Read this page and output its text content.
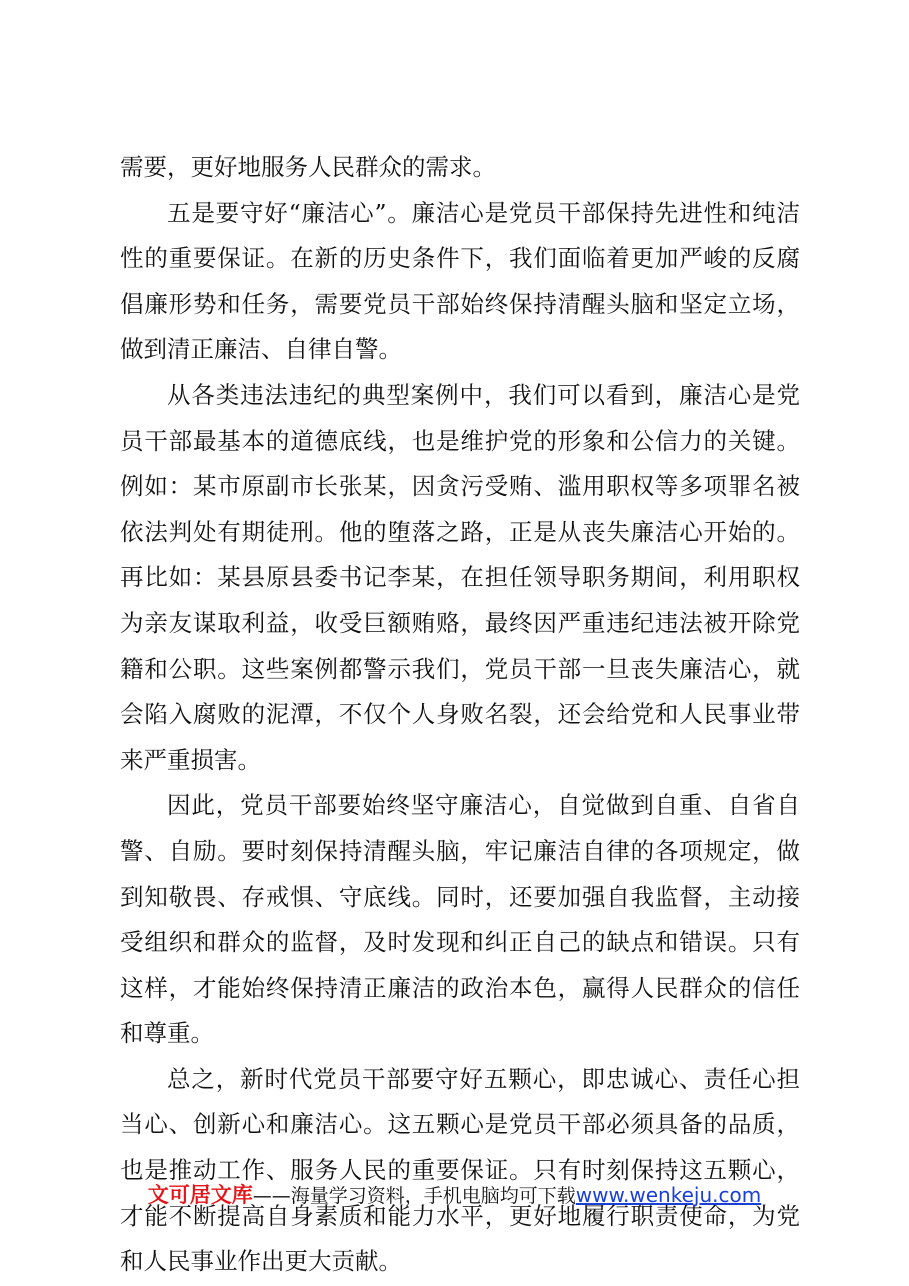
需要，更好地服务人民群众的需求。

五是要守好“廉洁心”。廉洁心是党员干部保持先进性和纯洁性的重要保证。在新的历史条件下，我们面临着更加严峻的反腐倡廉形势和任务，需要党员干部始终保持清醒头脑和坚定立场，做到清正廉洁、自律自警。

从各类违法违纪的典型案例中，我们可以看到，廉洁心是党员干部最基本的道德底线，也是维护党的形象和公信力的关键。例如：某市原副市长张某，因贪污受贿、滥用职权等多项罪名被依法判处有期徒刑。他的堕落之路，正是从丧失廉洁心开始的。再比如：某县原县委书记李某，在担任领导职务期间，利用职权为亲友谋取利益，收受巨额贿赂，最终因严重违纪违法被开除党籍和公职。这些案例都警示我们，党员干部一旦丧失廉洁心，就会陷入腐败的泥潭，不仅个人身败名裂，还会给党和人民事业带来严重损害。

因此，党员干部要始终坚守廉洁心，自觉做到自重、自省自警、自励。要时刻保持清醒头脑，牢记廉洁自律的各项规定，做到知敬畏、存戒惧、守底线。同时，还要加强自我监督，主动接受组织和群众的监督，及时发现和纠正自己的缺点和错误。只有这样，才能始终保持清正廉洁的政治本色，赢得人民群众的信任和尊重。

总之，新时代党员干部要守好五颗心，即忠诚心、责任心担当心、创新心和廉洁心。这五颗心是党员干部必须具备的品质，也是推动工作、服务人民的重要保证。只有时刻保持这五颗心，才能不断提高自身素质和能力水平，更好地履行职责使命，为党和人民事业作出更大贡献。

文可居文库——海量学习资料，手机电脑均可下载www.wenkeju.com
